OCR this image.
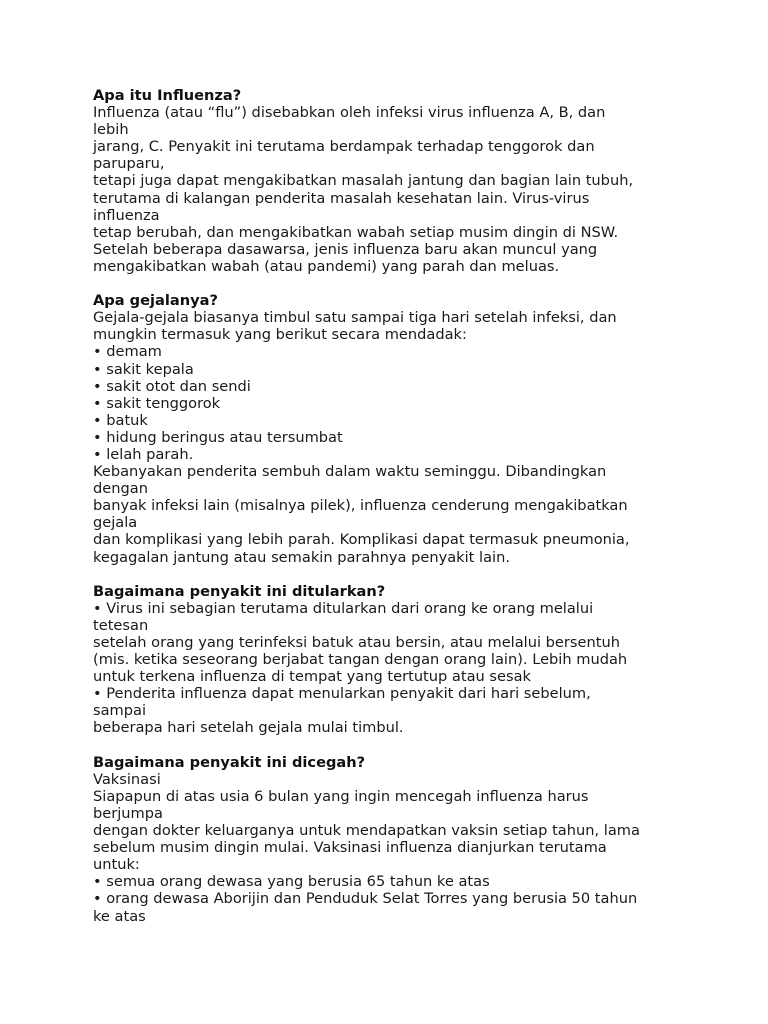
Apa itu Influenza?
Influenza (atau “flu”) disebabkan oleh infeksi virus influenza A, B, dan
lebih
jarang, C. Penyakit ini terutama berdampak terhadap tenggorok dan
paruparu,
tetapi juga dapat mengakibatkan masalah jantung dan bagian lain tubuh,
terutama di kalangan penderita masalah kesehatan lain. Virus-virus
influenza
tetap berubah, dan mengakibatkan wabah setiap musim dingin di NSW.
Setelah beberapa dasawarsa, jenis influenza baru akan muncul yang
mengakibatkan wabah (atau pandemi) yang parah dan meluas.
Apa gejalanya?
Gejala-gejala biasanya timbul satu sampai tiga hari setelah infeksi, dan
mungkin termasuk yang berikut secara mendadak:
• demam
• sakit kepala
• sakit otot dan sendi
• sakit tenggorok
• batuk
• hidung beringus atau tersumbat
• lelah parah.
Kebanyakan penderita sembuh dalam waktu seminggu. Dibandingkan
dengan
banyak infeksi lain (misalnya pilek), influenza cenderung mengakibatkan
gejala
dan komplikasi yang lebih parah. Komplikasi dapat termasuk pneumonia,
kegagalan jantung atau semakin parahnya penyakit lain.
Bagaimana penyakit ini ditularkan?
• Virus ini sebagian terutama ditularkan dari orang ke orang melalui
tetesan
setelah orang yang terinfeksi batuk atau bersin, atau melalui bersentuh
(mis. ketika seseorang berjabat tangan dengan orang lain). Lebih mudah
untuk terkena influenza di tempat yang tertutup atau sesak
• Penderita influenza dapat menularkan penyakit dari hari sebelum,
sampai
beberapa hari setelah gejala mulai timbul.
Bagaimana penyakit ini dicegah?
Vaksinasi
Siapapun di atas usia 6 bulan yang ingin mencegah influenza harus
berjumpa
dengan dokter keluarganya untuk mendapatkan vaksin setiap tahun, lama
sebelum musim dingin mulai. Vaksinasi influenza dianjurkan terutama
untuk:
• semua orang dewasa yang berusia 65 tahun ke atas
• orang dewasa Aborijin dan Penduduk Selat Torres yang berusia 50 tahun
ke atas
